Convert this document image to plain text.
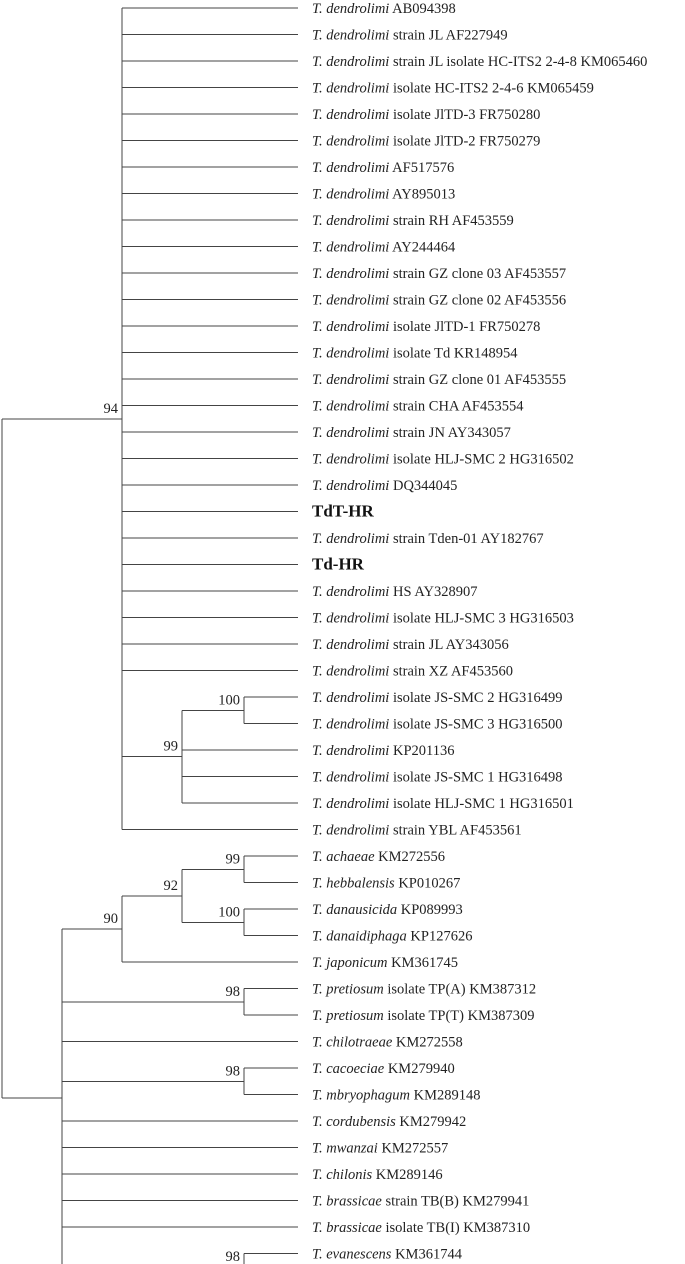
100
99
94
99
100
92
90
98
98
98
T. dendrolimi AB094398
T. dendrolimi strain JL AF227949
T. dendrolimi strain JL isolate HC-ITS2 2-4-8 KM065460
T. dendrolimi isolate HC-ITS2 2-4-6 KM065459
T. dendrolimi isolate JlTD-3 FR750280
T. dendrolimi isolate JlTD-2 FR750279
T. dendrolimi AF517576
T. dendrolimi AY895013
T. dendrolimi strain RH AF453559
T. dendrolimi AY244464
T. dendrolimi strain GZ clone 03 AF453557
T. dendrolimi strain GZ clone 02 AF453556
T. dendrolimi isolate JlTD-1 FR750278
T. dendrolimi isolate Td KR148954
T. dendrolimi strain GZ clone 01 AF453555
T. dendrolimi strain CHA AF453554
T. dendrolimi strain JN AY343057
T. dendrolimi isolate HLJ-SMC 2 HG316502
T. dendrolimi DQ344045
TdT-HR
T. dendrolimi strain Tden-01 AY182767
Td-HR
T. dendrolimi HS AY328907
T. dendrolimi isolate HLJ-SMC 3 HG316503
T. dendrolimi strain JL AY343056
T. dendrolimi strain XZ AF453560
T. dendrolimi isolate JS-SMC 2 HG316499
T. dendrolimi isolate JS-SMC 3 HG316500
T. dendrolimi KP201136
T. dendrolimi isolate JS-SMC 1 HG316498
T. dendrolimi isolate HLJ-SMC 1 HG316501
T. dendrolimi strain YBL AF453561
T. achaeae KM272556
T. hebbalensis KP010267
T. danausicida KP089993
T. danaidiphaga KP127626
T. japonicum KM361745
T. pretiosum isolate TP(A) KM387312
T. pretiosum isolate TP(T) KM387309
T. chilotraeae KM272558
T. cacoeciae KM279940
T. mbryophagum KM289148
T. cordubensis KM279942
T. mwanzai KM272557
T. chilonis KM289146
T. brassicae strain TB(B) KM279941
T. brassicae isolate TB(I) KM387310
T. evanescens KM361744
